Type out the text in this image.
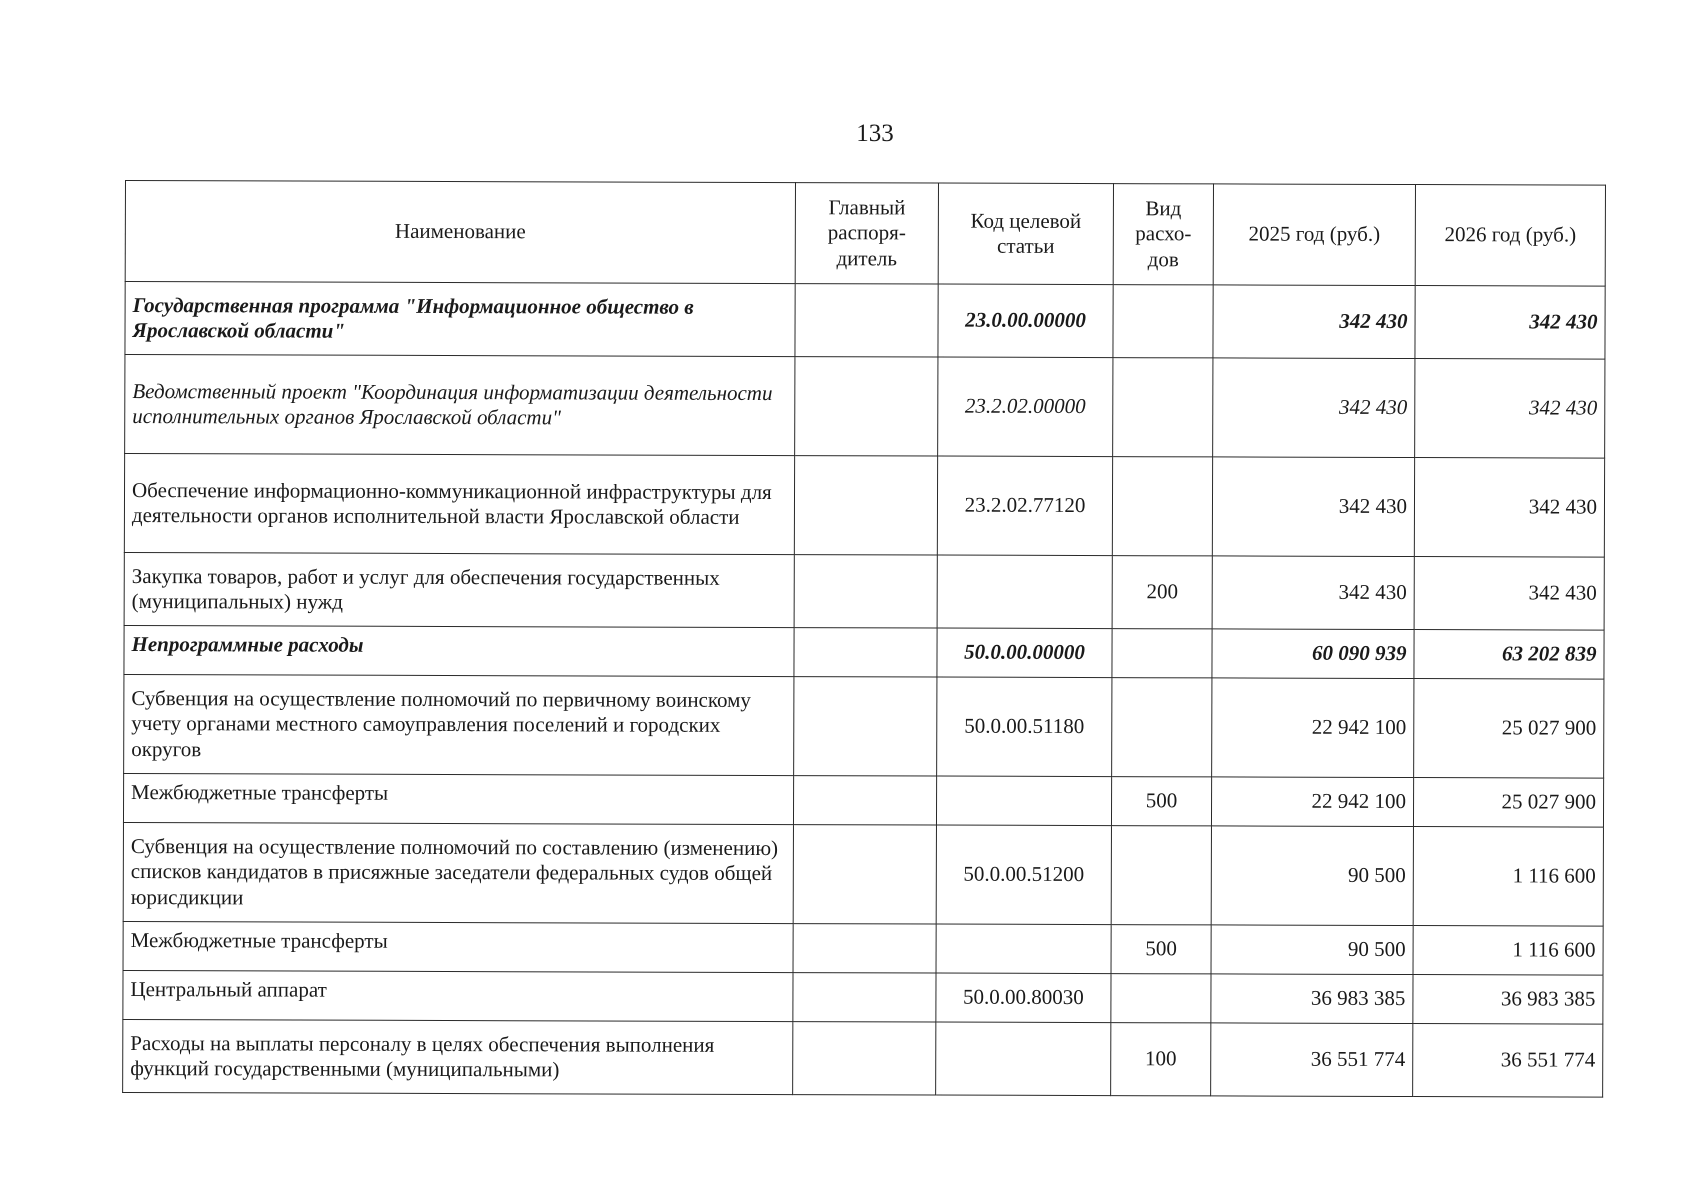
133
Наименование	Главный распоря-дитель	Код целевой статьи	Вид расхо-дов	2025 год (руб.)	2026 год (руб.)
Государственная программа "Информационное общество в Ярославской области"		23.0.00.00000		342 430	342 430
Ведомственный проект "Координация информатизации деятельности исполнительных органов Ярославской области"		23.2.02.00000		342 430	342 430
Обеспечение информационно-коммуникационной инфраструктуры для деятельности органов исполнительной власти Ярославской области		23.2.02.77120		342 430	342 430
Закупка товаров, работ и услуг для обеспечения государственных (муниципальных) нужд			200	342 430	342 430
Непрограммные расходы		50.0.00.00000		60 090 939	63 202 839
Субвенция на осуществление полномочий по первичному воинскому учету органами местного самоуправления поселений и городских округов		50.0.00.51180		22 942 100	25 027 900
Межбюджетные трансферты			500	22 942 100	25 027 900
Субвенция на осуществление полномочий по составлению (изменению) списков кандидатов в присяжные заседатели федеральных судов общей юрисдикции		50.0.00.51200		90 500	1 116 600
Межбюджетные трансферты			500	90 500	1 116 600
Центральный аппарат		50.0.00.80030		36 983 385	36 983 385
Расходы на выплаты персоналу в целях обеспечения выполнения функций государственными (муниципальными)			100	36 551 774	36 551 774
